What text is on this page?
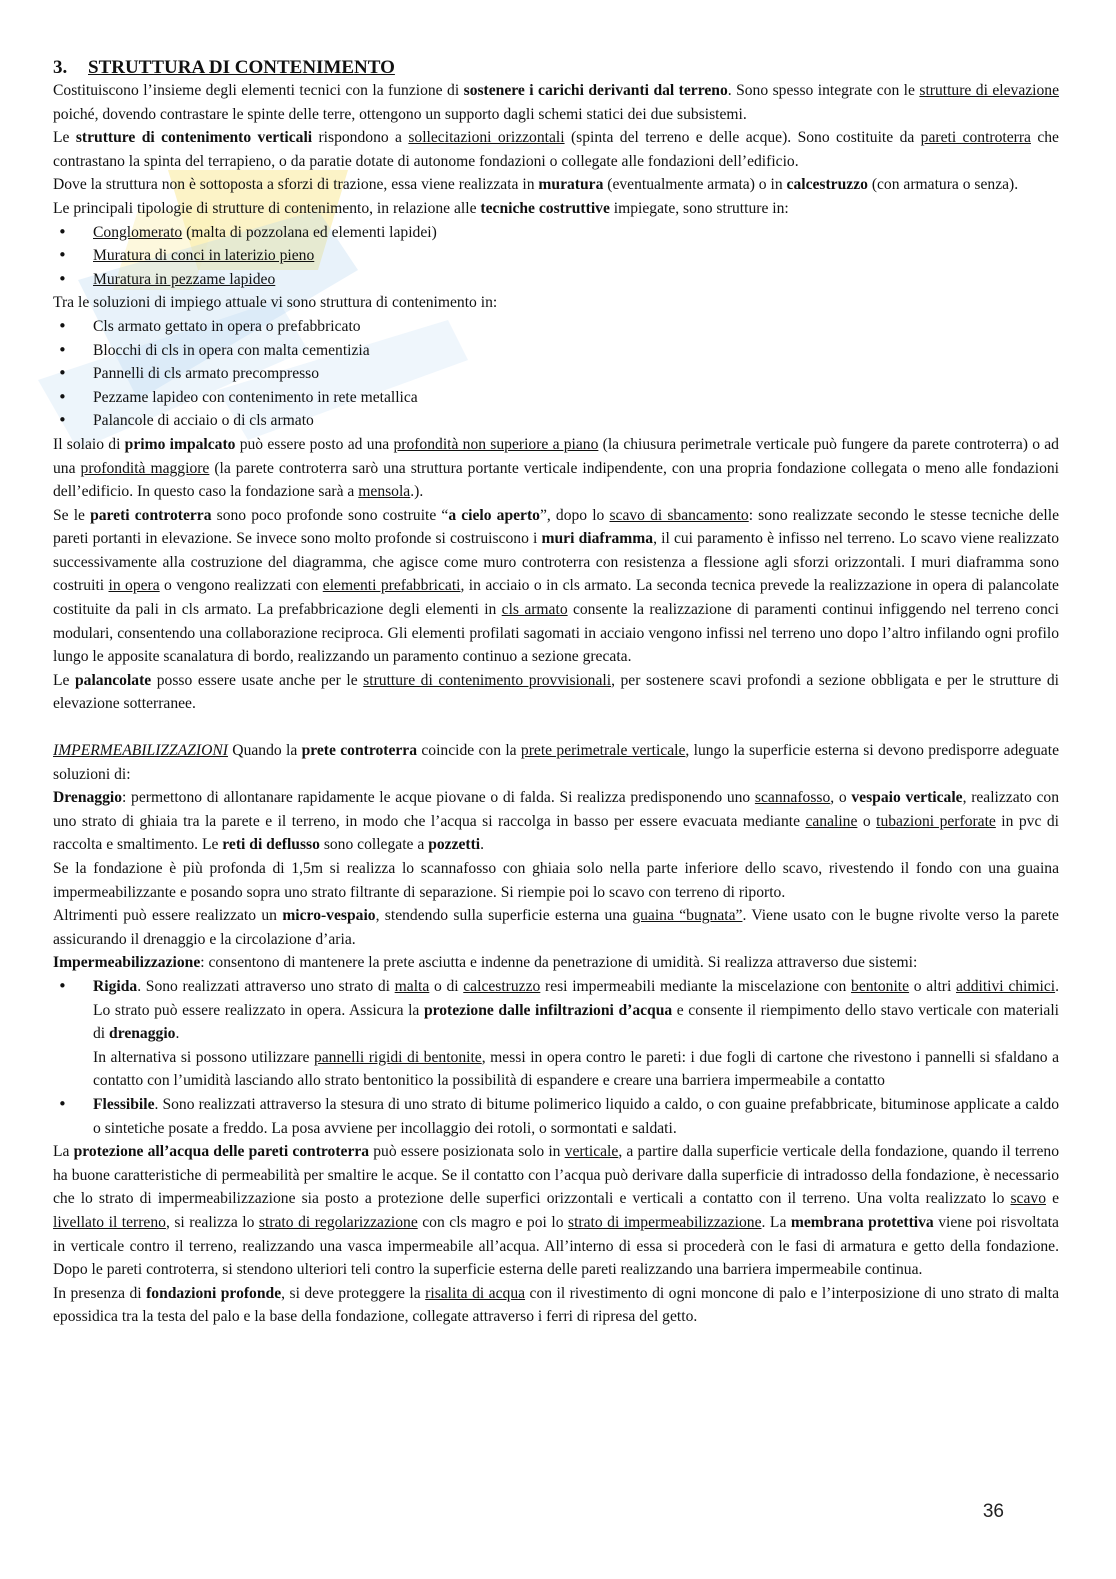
3. STRUTTURA DI CONTENIMENTO

Costituiscono l’insieme degli elementi tecnici con la funzione di sostenere i carichi derivanti dal terreno. Sono spesso integrate con le strutture di elevazione poiché, dovendo contrastare le spinte delle terre, ottengono un supporto dagli schemi statici dei due subsistemi.

Le strutture di contenimento verticali rispondono a sollecitazioni orizzontali (spinta del terreno e delle acque). Sono costituite da pareti controterra che contrastano la spinta del terrapieno, o da paratie dotate di autonome fondazioni o collegate alle fondazioni dell’edificio.

Dove la struttura non è sottoposta a sforzi di trazione, essa viene realizzata in muratura (eventualmente armata) o in calcestruzzo (con armatura o senza).

Le principali tipologie di strutture di contenimento, in relazione alle tecniche costruttive impiegate, sono strutture in:

• Conglomerato (malta di pozzolana ed elementi lapidei)
• Muratura di conci in laterizio pieno
• Muratura in pezzame lapideo

Tra le soluzioni di impiego attuale vi sono struttura di contenimento in:

• Cls armato gettato in opera o prefabbricato
• Blocchi di cls in opera con malta cementizia
• Pannelli di cls armato precompresso
• Pezzame lapideo con contenimento in rete metallica
• Palancole di acciaio o di cls armato

Il solaio di primo impalcato può essere posto ad una profondità non superiore a piano (la chiusura perimetrale verticale può fungere da parete controterra) o ad una profondità maggiore (la parete controterra sarò una struttura portante verticale indipendente, con una propria fondazione collegata o meno alle fondazioni dell’edificio. In questo caso la fondazione sarà a mensola.).

Se le pareti controterra sono poco profonde sono costruite “a cielo aperto”, dopo lo scavo di sbancamento: sono realizzate secondo le stesse tecniche delle pareti portanti in elevazione. Se invece sono molto profonde si costruiscono i muri diaframma, il cui paramento è infisso nel terreno. Lo scavo viene realizzato successivamente alla costruzione del diagramma, che agisce come muro controterra con resistenza a flessione agli sforzi orizzontali. I muri diaframma sono costruiti in opera o vengono realizzati con elementi prefabbricati, in acciaio o in cls armato. La seconda tecnica prevede la realizzazione in opera di palancolate costituite da pali in cls armato. La prefabbricazione degli elementi in cls armato consente la realizzazione di paramenti continui infiggendo nel terreno conci modulari, consentendo una collaborazione reciproca. Gli elementi profilati sagomati in acciaio vengono infissi nel terreno uno dopo l’altro infilando ogni profilo lungo le apposite scanalatura di bordo, realizzando un paramento continuo a sezione grecata.

Le palancolate posso essere usate anche per le strutture di contenimento provvisionali, per sostenere scavi profondi a sezione obbligata e per le strutture di elevazione sotterranee.

IMPERMEABILIZZAZIONI Quando la prete controterra coincide con la prete perimetrale verticale, lungo la superficie esterna si devono predisporre adeguate soluzioni di:

Drenaggio: permettono di allontanare rapidamente le acque piovane o di falda. Si realizza predisponendo uno scannafosso, o vespaio verticale, realizzato con uno strato di ghiaia tra la parete e il terreno, in modo che l’acqua si raccolga in basso per essere evacuata mediante canaline o tubazioni perforate in pvc di raccolta e smaltimento. Le reti di deflusso sono collegate a pozzetti.

Se la fondazione è più profonda di 1,5m si realizza lo scannafosso con ghiaia solo nella parte inferiore dello scavo, rivestendo il fondo con una guaina impermeabilizzante e posando sopra uno strato filtrante di separazione. Si riempie poi lo scavo con terreno di riporto.

Altrimenti può essere realizzato un micro-vespaio, stendendo sulla superficie esterna una guaina “bugnata”. Viene usato con le bugne rivolte verso la parete assicurando il drenaggio e la circolazione d’aria.

Impermeabilizzazione: consentono di mantenere la prete asciutta e indenne da penetrazione di umidità. Si realizza attraverso due sistemi:

• Rigida. Sono realizzati attraverso uno strato di malta o di calcestruzzo resi impermeabili mediante la miscelazione con bentonite o altri additivi chimici. Lo strato può essere realizzato in opera. Assicura la protezione dalle infiltrazioni d’acqua e consente il riempimento dello stavo verticale con materiali di drenaggio.
In alternativa si possono utilizzare pannelli rigidi di bentonite, messi in opera contro le pareti: i due fogli di cartone che rivestono i pannelli si sfaldano a contatto con l’umidità lasciando allo strato bentonitico la possibilità di espandere e creare una barriera impermeabile a contatto
• Flessibile. Sono realizzati attraverso la stesura di uno strato di bitume polimerico liquido a caldo, o con guaine prefabbricate, bituminose applicate a caldo o sintetiche posate a freddo. La posa avviene per incollaggio dei rotoli, o sormontati e saldati.

La protezione all’acqua delle pareti controterra può essere posizionata solo in verticale, a partire dalla superficie verticale della fondazione, quando il terreno ha buone caratteristiche di permeabilità per smaltire le acque. Se il contatto con l’acqua può derivare dalla superficie di intradosso della fondazione, è necessario che lo strato di impermeabilizzazione sia posto a protezione delle superfici orizzontali e verticali a contatto con il terreno. Una volta realizzato lo scavo e livellato il terreno, si realizza lo strato di regolarizzazione con cls magro e poi lo strato di impermeabilizzazione. La membrana protettiva viene poi risvoltata in verticale contro il terreno, realizzando una vasca impermeabile all’acqua. All’interno di essa si procederà con le fasi di armatura e getto della fondazione. Dopo le pareti controterra, si stendono ulteriori teli contro la superficie esterna delle pareti realizzando una barriera impermeabile continua.

In presenza di fondazioni profonde, si deve proteggere la risalita di acqua con il rivestimento di ogni moncone di palo e l’interposizione di uno strato di malta epossidica tra la testa del palo e la base della fondazione, collegate attraverso i ferri di ripresa del getto.

36
